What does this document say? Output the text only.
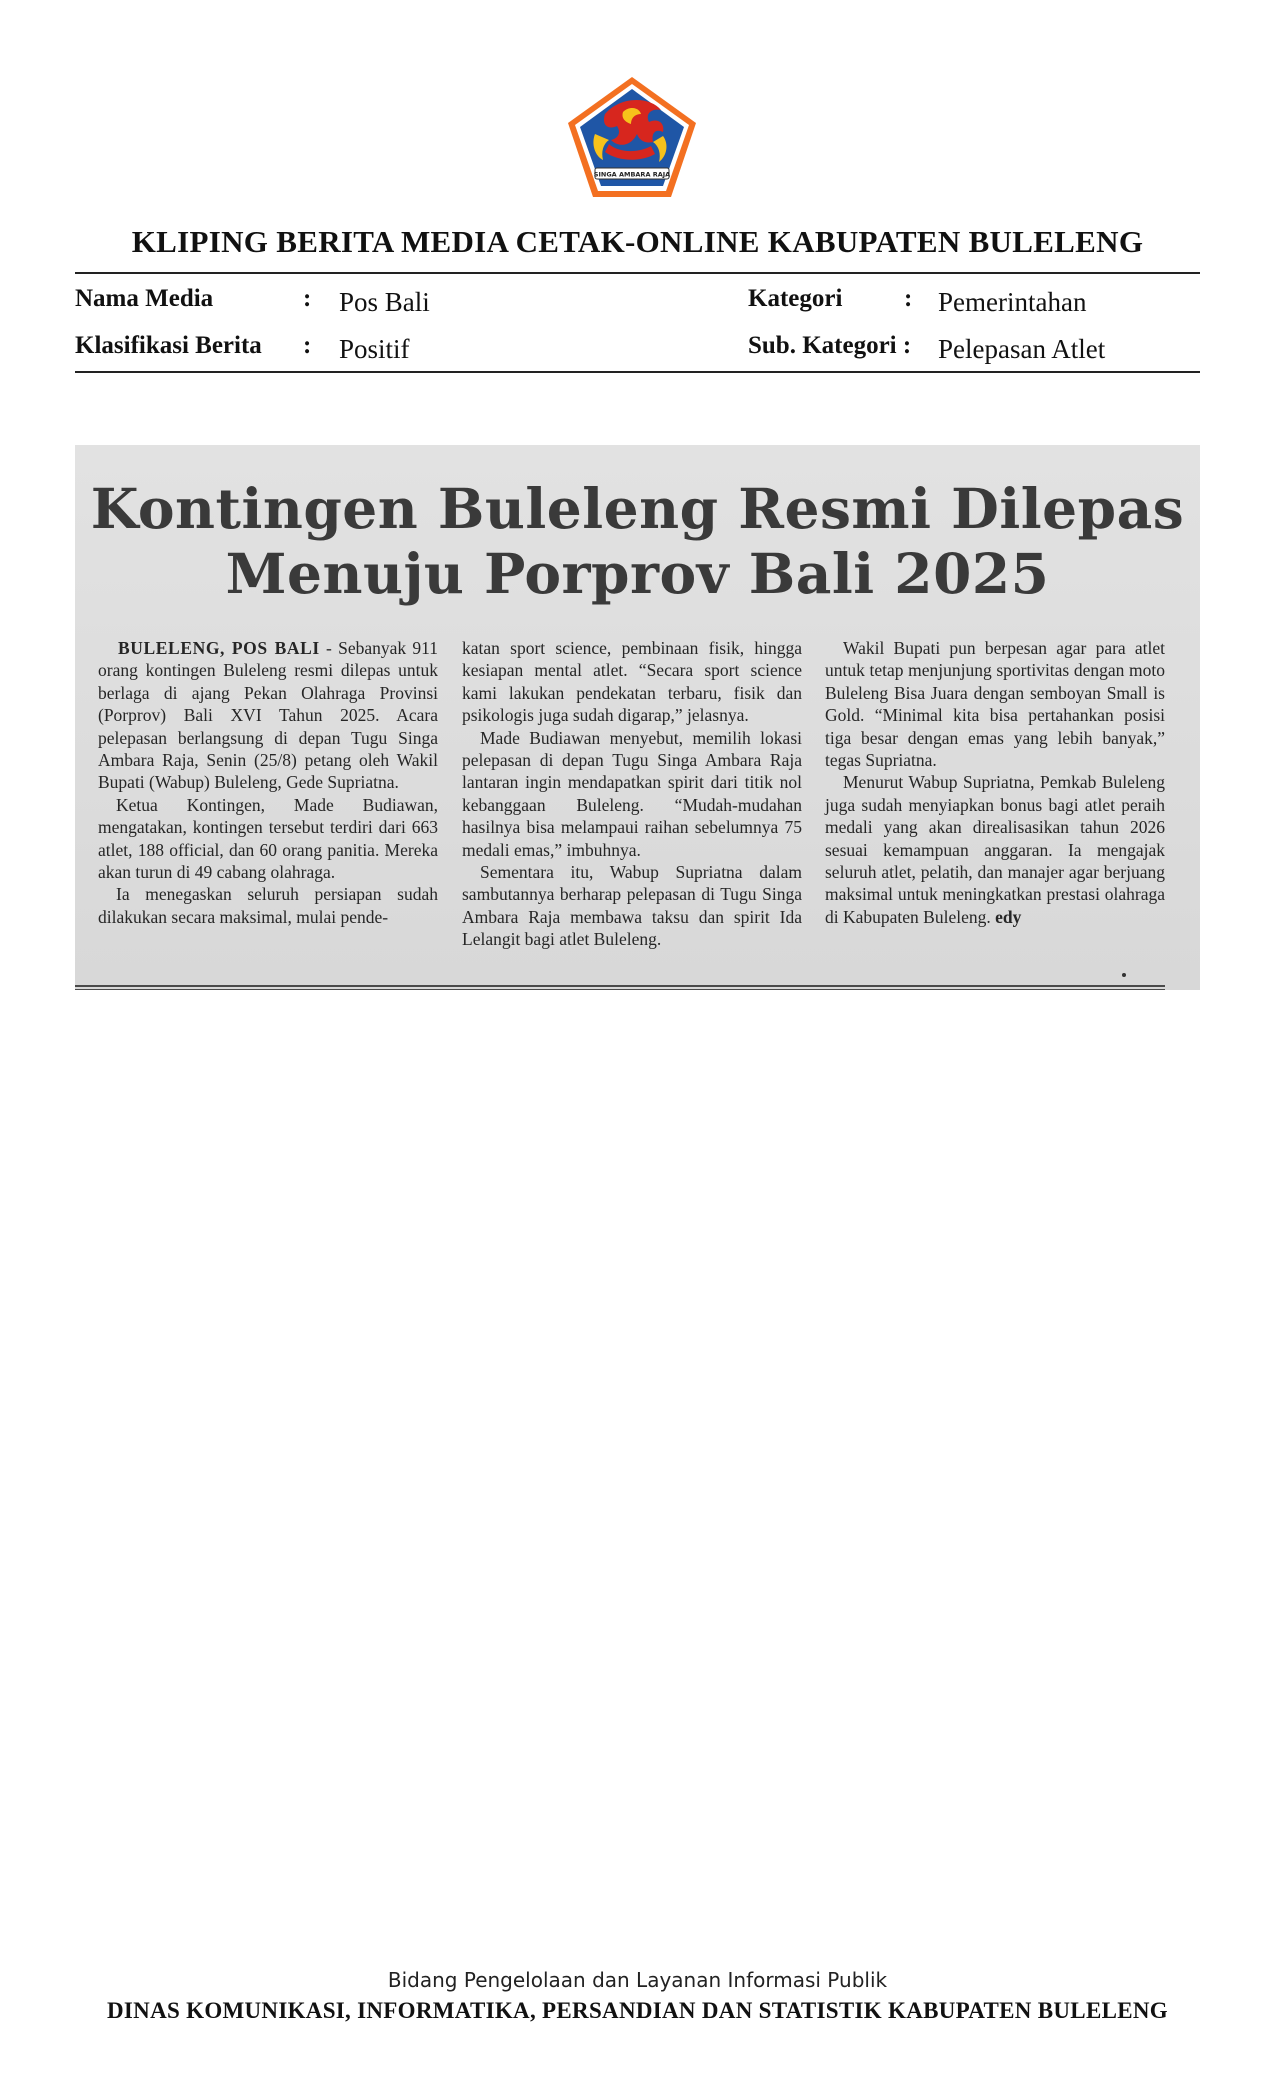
SINGA AMBARA RAJA
KLIPING BERITA MEDIA CETAK-ONLINE KABUPATEN BULELENG
Nama Media	: Pos Bali
Klasifikasi Berita : Positif
Kategori : Pemerintahan
Sub. Kategori : Pelepasan Atlet
Kontingen Buleleng Resmi Dilepas
Menuju Porprov Bali 2025

BULELENG, POS BALI - Sebanyak 911 orang kontingen Buleleng resmi dilepas untuk berlaga di ajang Pekan Olahraga Provinsi (Porprov) Bali XVI Tahun 2025. Acara pelepasan berlangsung di depan Tugu Singa Ambara Raja, Senin (25/8) petang oleh Wakil Bupati (Wabup) Buleleng, Gede Supriatna.

Ketua Kontingen, Made Budiawan, mengatakan, kontingen tersebut terdiri dari 663 atlet, 188 official, dan 60 orang panitia. Mereka akan turun di 49 cabang olahraga.

Ia menegaskan seluruh persiapan sudah dilakukan secara maksimal, mulai pende-

katan sport science, pembinaan fisik, hingga kesiapan mental atlet. “Secara sport science kami lakukan pendekatan terbaru, fisik dan psikologis juga sudah digarap,” jelasnya.

Made Budiawan menyebut, memilih lokasi pelepasan di depan Tugu Singa Ambara Raja lantaran ingin mendapatkan spirit dari titik nol kebanggaan Buleleng. “Mudah-mudahan hasilnya bisa melampaui raihan sebelumnya 75 medali emas,” imbuhnya.

Sementara itu, Wabup Supriatna dalam sambutannya berharap pelepasan di Tugu Singa Ambara Raja membawa taksu dan spirit Ida Lelangit bagi atlet Buleleng.

Wakil Bupati pun berpesan agar para atlet untuk tetap menjunjung sportivitas dengan moto Buleleng Bisa Juara dengan semboyan Small is Gold. “Minimal kita bisa pertahankan posisi tiga besar dengan emas yang lebih banyak,” tegas Supriatna.

Menurut Wabup Supriatna, Pemkab Buleleng juga sudah menyiapkan bonus bagi atlet peraih medali yang akan direalisasikan tahun 2026 sesuai kemampuan anggaran. Ia mengajak seluruh atlet, pelatih, dan manajer agar berjuang maksimal untuk meningkatkan prestasi olahraga di Kabupaten Buleleng. edy

Bidang Pengelolaan dan Layanan Informasi Publik
DINAS KOMUNIKASI, INFORMATIKA, PERSANDIAN DAN STATISTIK KABUPATEN BULELENG
